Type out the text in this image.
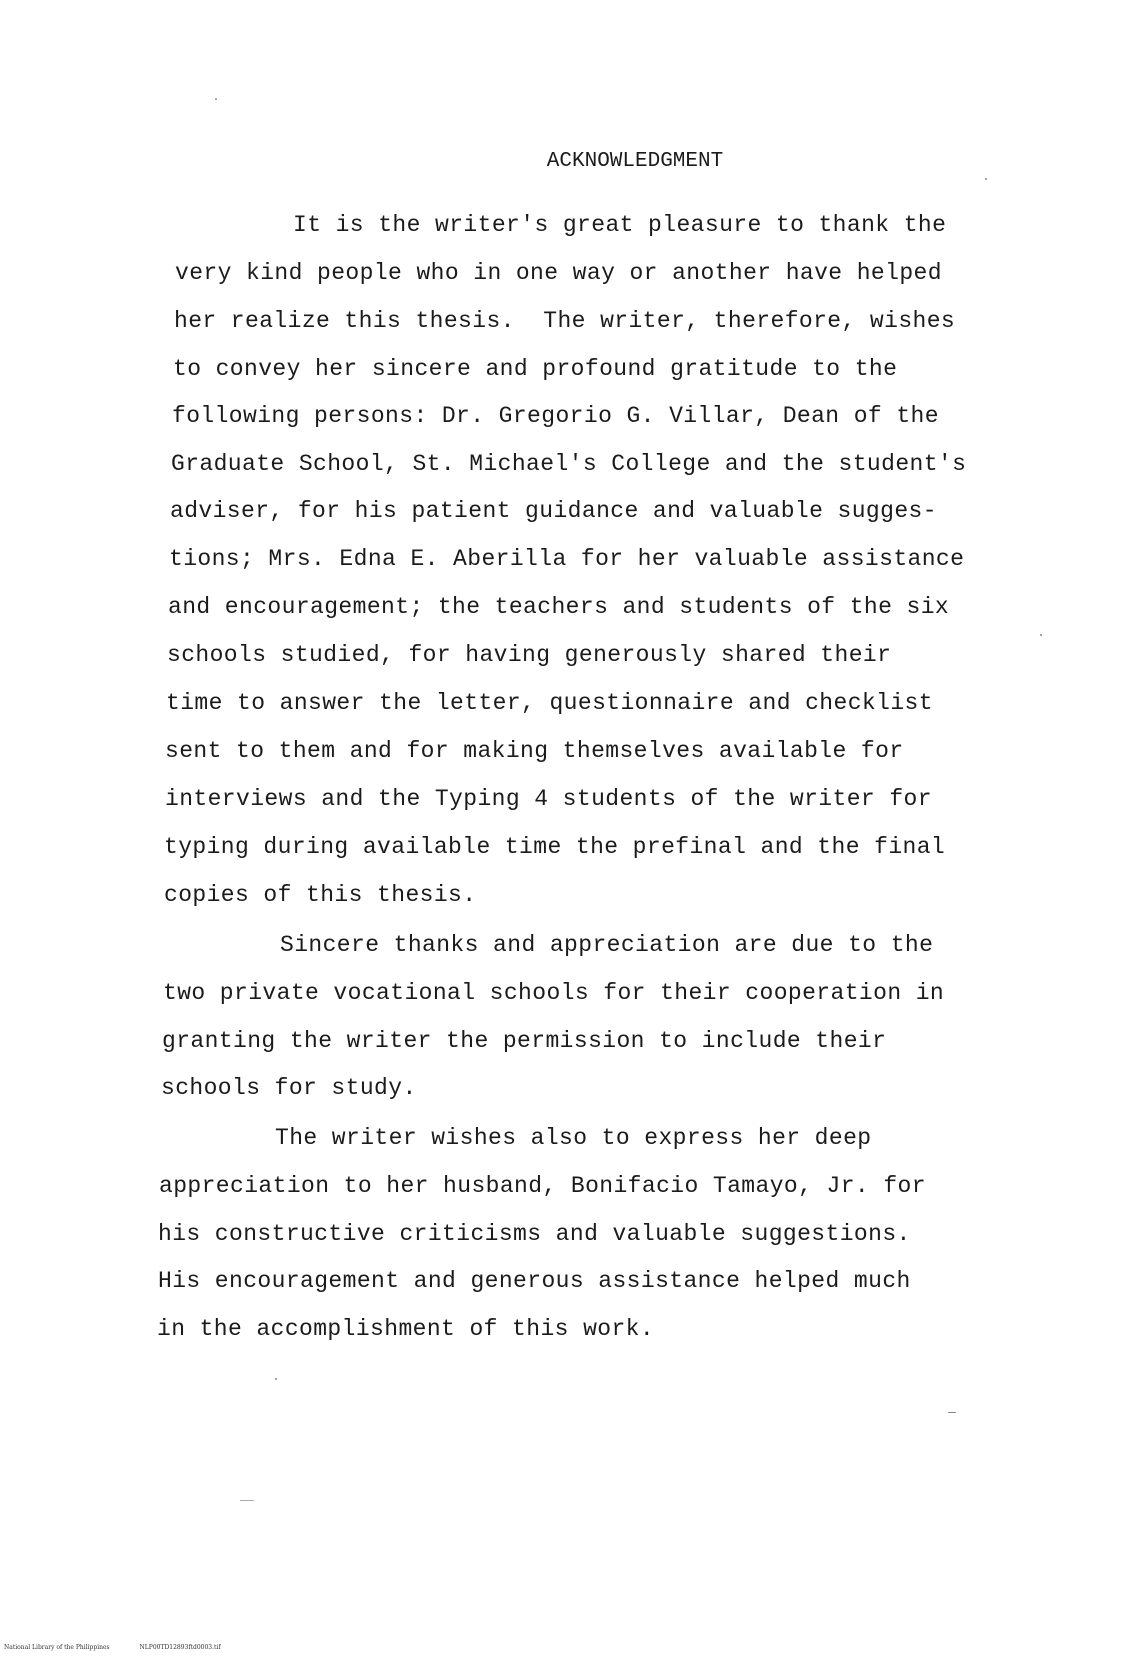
ACKNOWLEDGMENT
It is the writer's great pleasure to thank the
very kind people who in one way or another have helped
her realize this thesis.  The writer, therefore, wishes
to convey her sincere and profound gratitude to the
following persons: Dr. Gregorio G. Villar, Dean of the
Graduate School, St. Michael's College and the student's
adviser, for his patient guidance and valuable sugges-
tions; Mrs. Edna E. Aberilla for her valuable assistance
and encouragement; the teachers and students of the six
schools studied, for having generously shared their
time to answer the letter, questionnaire and checklist
sent to them and for making themselves available for
interviews and the Typing 4 students of the writer for
typing during available time the prefinal and the final
copies of this thesis.
Sincere thanks and appreciation are due to the
two private vocational schools for their cooperation in
granting the writer the permission to include their
schools for study.
The writer wishes also to express her deep
appreciation to her husband, Bonifacio Tamayo, Jr. for
his constructive criticisms and valuable suggestions.
His encouragement and generous assistance helped much
in the accomplishment of this work.
National Library of the Philippines	NLP00TD12893ftd0003.tif
